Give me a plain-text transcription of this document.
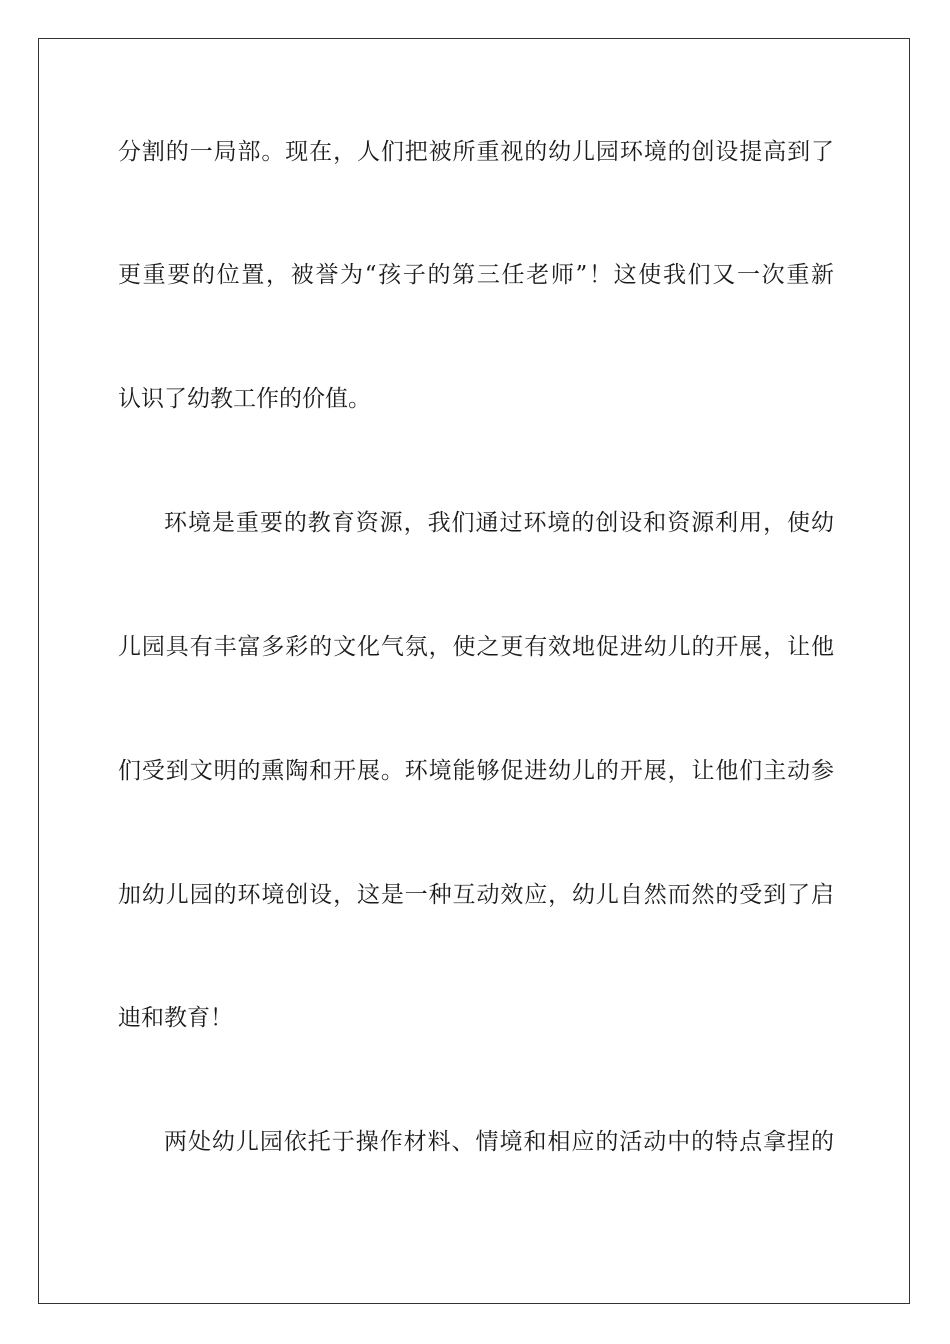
分割的一局部。现在，人们把被所重视的幼儿园环境的创设提高到了
更重要的位置，被誉为“孩子的第三任老师”！这使我们又一次重新
认识了幼教工作的价值。
环境是重要的教育资源，我们通过环境的创设和资源利用，使幼
儿园具有丰富多彩的文化气氛，使之更有效地促进幼儿的开展，让他
们受到文明的熏陶和开展。环境能够促进幼儿的开展，让他们主动参
加幼儿园的环境创设，这是一种互动效应，幼儿自然而然的受到了启
迪和教育！
两处幼儿园依托于操作材料、情境和相应的活动中的特点拿捏的
